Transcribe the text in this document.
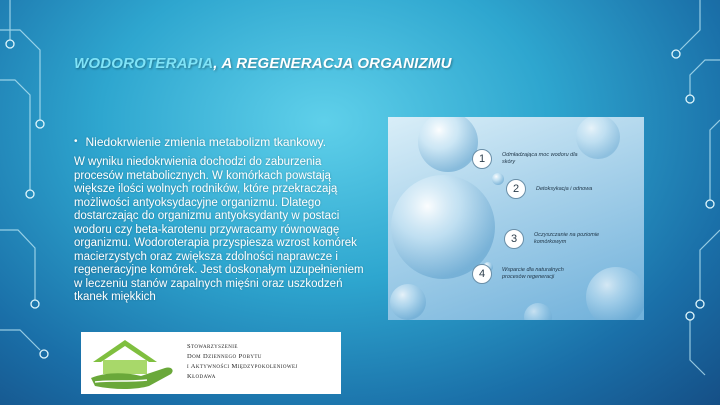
WODOROTERAPIA, A REGENERACJA ORGANIZMU
• Niedokrwienie zmienia metabolizm tkankowy.
W wyniku niedokrwienia dochodzi do zaburzenia procesów metabolicznych. W komórkach powstają większe ilości wolnych rodników, które przekraczają możliwości antyoksydacyjne organizmu. Dlatego dostarczając do organizmu antyoksydanty w postaci wodoru czy beta-karotenu przywracamy równowagę organizmu. Wodoroterapia przyspiesza wzrost komórek macierzystych oraz zwiększa zdolności naprawcze i regeneracyjne komórek. Jest doskonałym uzupełnieniem w leczeniu stanów zapalnych mięśni oraz uszkodzeń tkanek miękkich
1	Odmładzająca moc wodoru dla skóry
2	Detoksykacja i odnowa
3	Oczyszczanie na poziomie komórkowym
4	Wsparcie dla naturalnych procesów regeneracji
Stowarzyszenie
Dom Dziennego Pobytu
i Aktywności Międzypokoleniowej
Kłodawa
